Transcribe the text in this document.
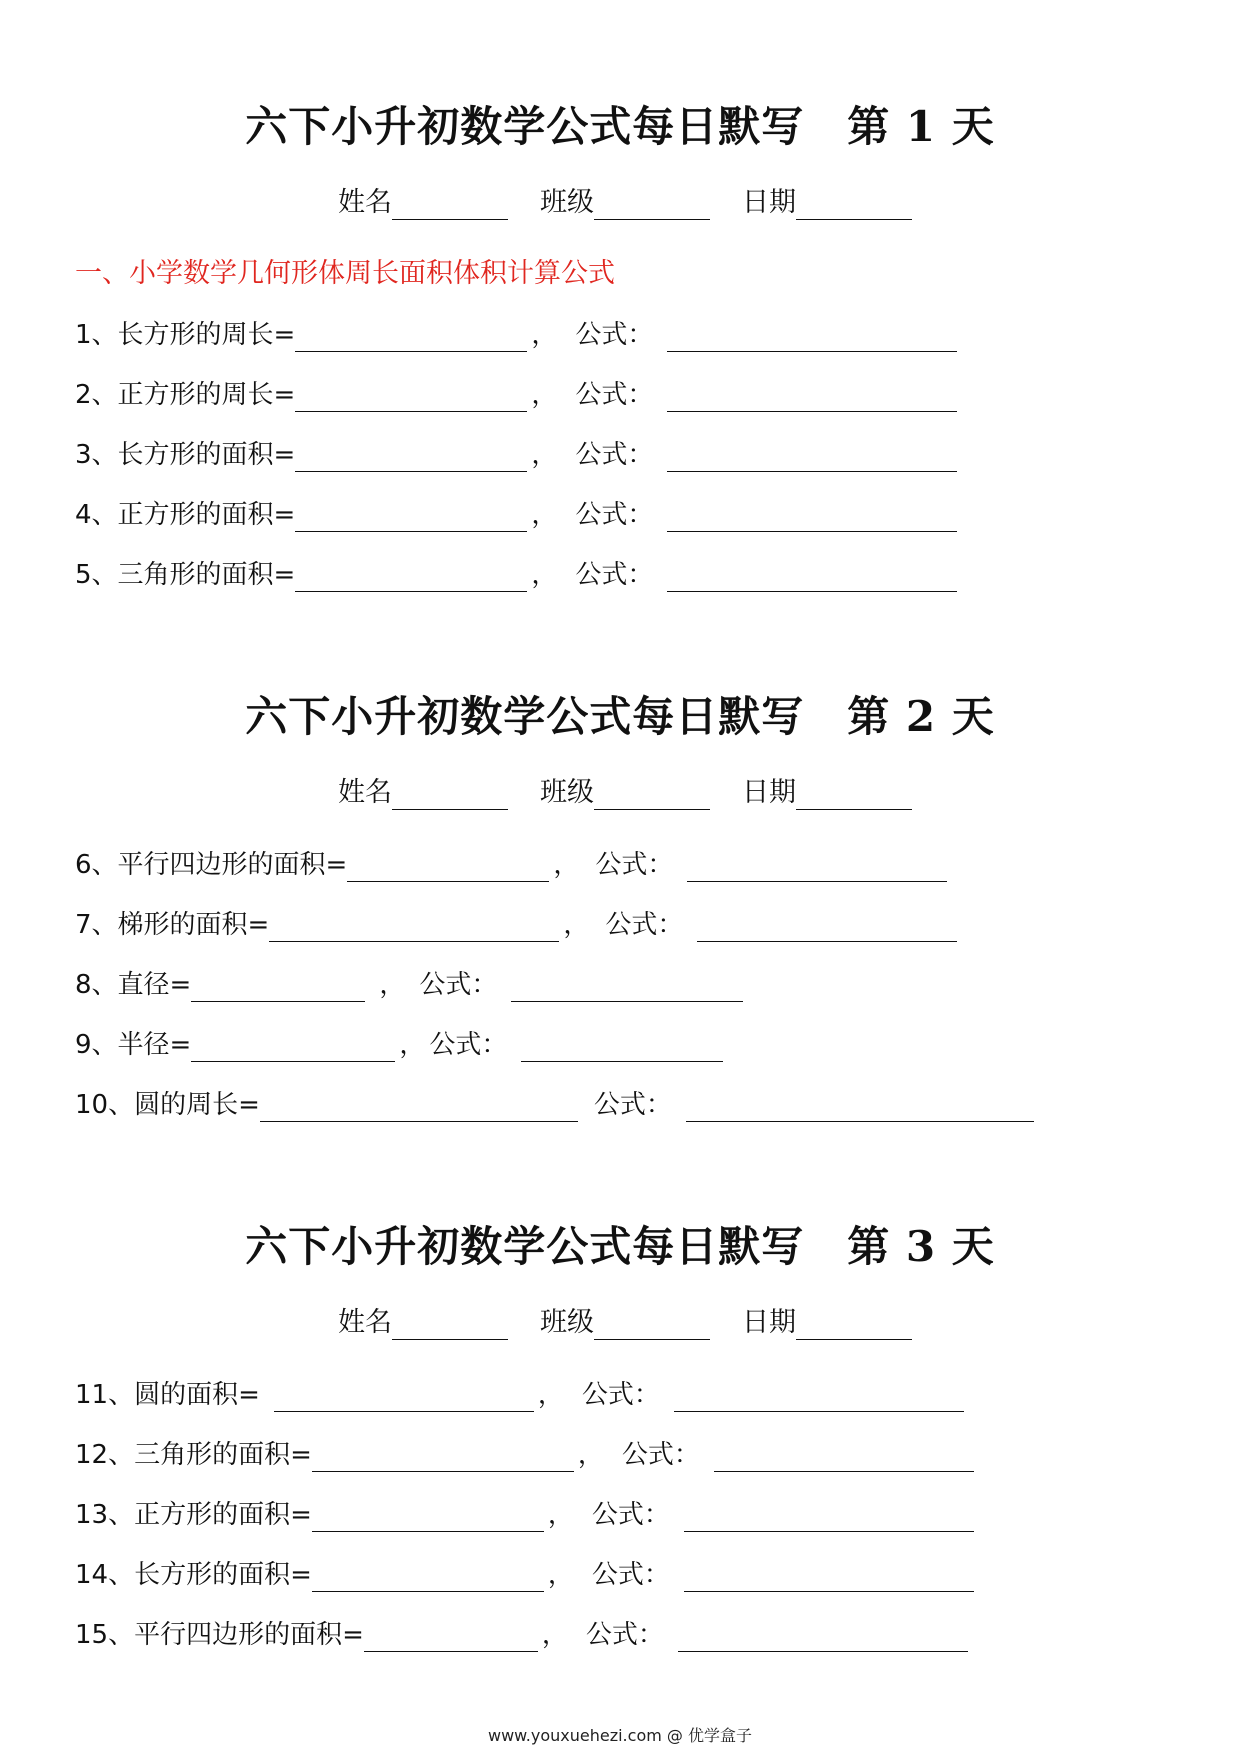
六下小升初数学公式每日默写　第 1 天
姓名	班级	日期
一、小学数学几何形体周长面积体积计算公式
1、长方形的周长=	， 公式：
2、正方形的周长=	， 公式：
3、长方形的面积=	， 公式：
4、正方形的面积=	， 公式：
5、三角形的面积=	， 公式：
六下小升初数学公式每日默写　第 2 天
姓名	班级	日期
6、平行四边形的面积=	， 公式：
7、梯形的面积=	， 公式：
8、直径=	， 公式：
9、半径=	， 公式：
10、圆的周长=	公式：
六下小升初数学公式每日默写　第 3 天
姓名	班级	日期
11、圆的面积=	， 公式：
12、三角形的面积=	， 公式：
13、正方形的面积=	， 公式：
14、长方形的面积=	， 公式：
15、平行四边形的面积=	， 公式：
www.youxuehezi.com @ 优学盒子
